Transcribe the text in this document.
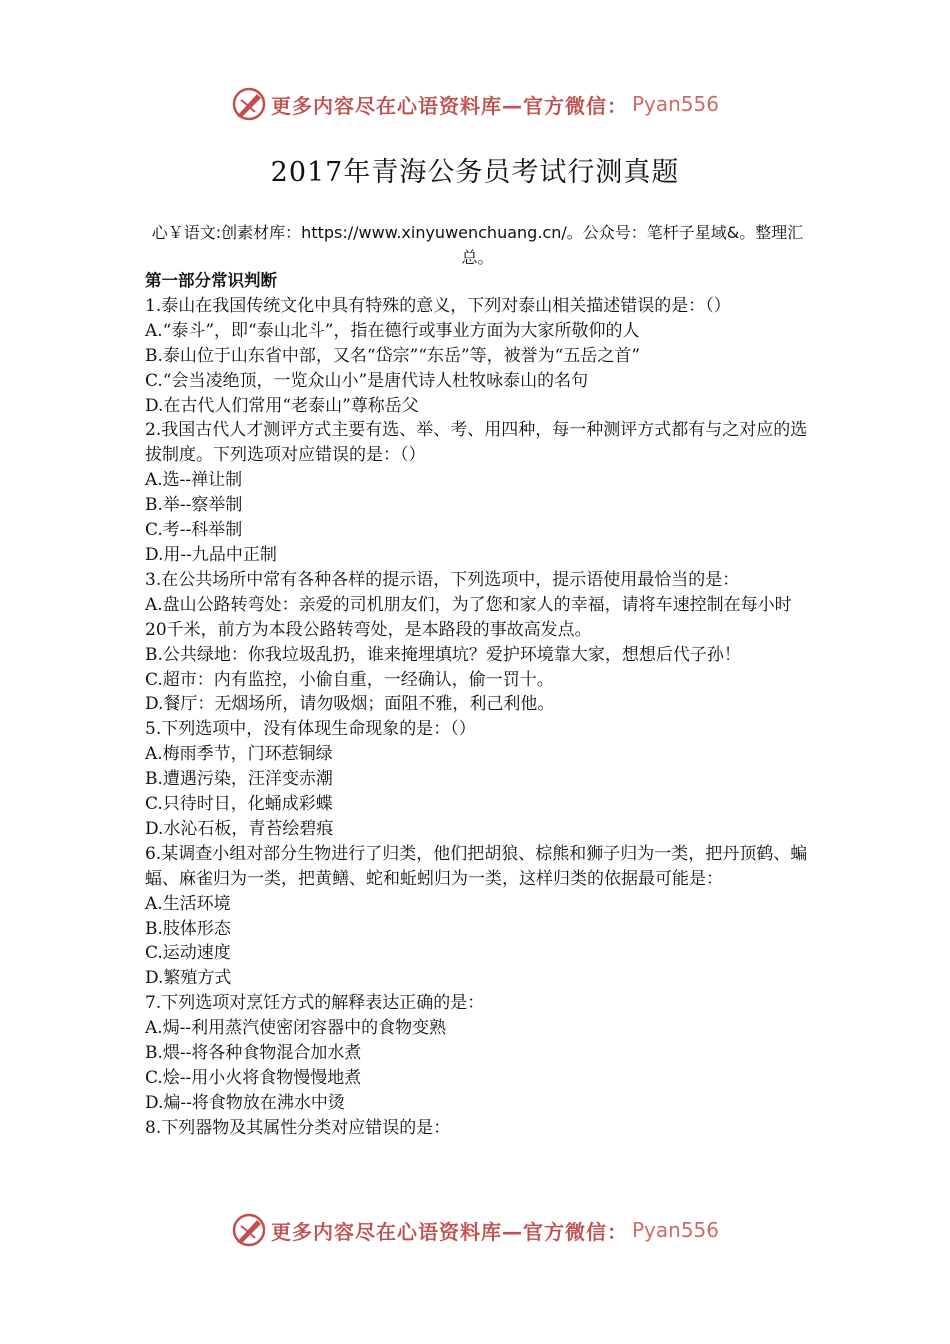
更多内容尽在心语资料库—官方微信： Pyan556
2017年青海公务员考试行测真题
心￥语文:创素材库：https://www.xinyuwenchuang.cn/。公众号：笔杆子星域&。整理汇总。

第一部分常识判断

1.泰山在我国传统文化中具有特殊的意义，下列对泰山相关描述错误的是：（）

A.“泰斗”，即“泰山北斗”，指在德行或事业方面为大家所敬仰的人

B.泰山位于山东省中部，又名“岱宗”“东岳”等，被誉为“五岳之首”

C.“会当凌绝顶，一览众山小”是唐代诗人杜牧咏泰山的名句

D.在古代人们常用“老泰山”尊称岳父

2.我国古代人才测评方式主要有选、举、考、用四种，每一种测评方式都有与之对应的选拔制度。下列选项对应错误的是：（）

A.选--禅让制

B.举--察举制

C.考--科举制

D.用--九品中正制

3.在公共场所中常有各种各样的提示语，下列选项中，提示语使用最恰当的是：

A.盘山公路转弯处：亲爱的司机朋友们，为了您和家人的幸福，请将车速控制在每小时20千米，前方为本段公路转弯处，是本路段的事故高发点。

B.公共绿地：你我垃圾乱扔，谁来掩埋填坑？爱护环境靠大家，想想后代子孙！

C.超市：内有监控，小偷自重，一经确认，偷一罚十。

D.餐厅：无烟场所，请勿吸烟；面阻不雅，利己利他。

5.下列选项中，没有体现生命现象的是：（）

A.梅雨季节，门环惹铜绿

B.遭遇污染，汪洋变赤潮

C.只待时日，化蛹成彩蝶

D.水沁石板，青苔绘碧痕

6.某调查小组对部分生物进行了归类，他们把胡狼、棕熊和狮子归为一类，把丹顶鹤、蝙蝠、麻雀归为一类，把黄鳝、蛇和蚯蚓归为一类，这样归类的依据最可能是：

A.生活环境

B.肢体形态

C.运动速度

D.繁殖方式

7.下列选项对烹饪方式的解释表达正确的是：

A.焗--利用蒸汽使密闭容器中的食物变熟

B.煨--将各种食物混合加水煮

C.烩--用小火将食物慢慢地煮

D.煸--将食物放在沸水中烫

8.下列器物及其属性分类对应错误的是：

更多内容尽在心语资料库—官方微信： Pyan556
